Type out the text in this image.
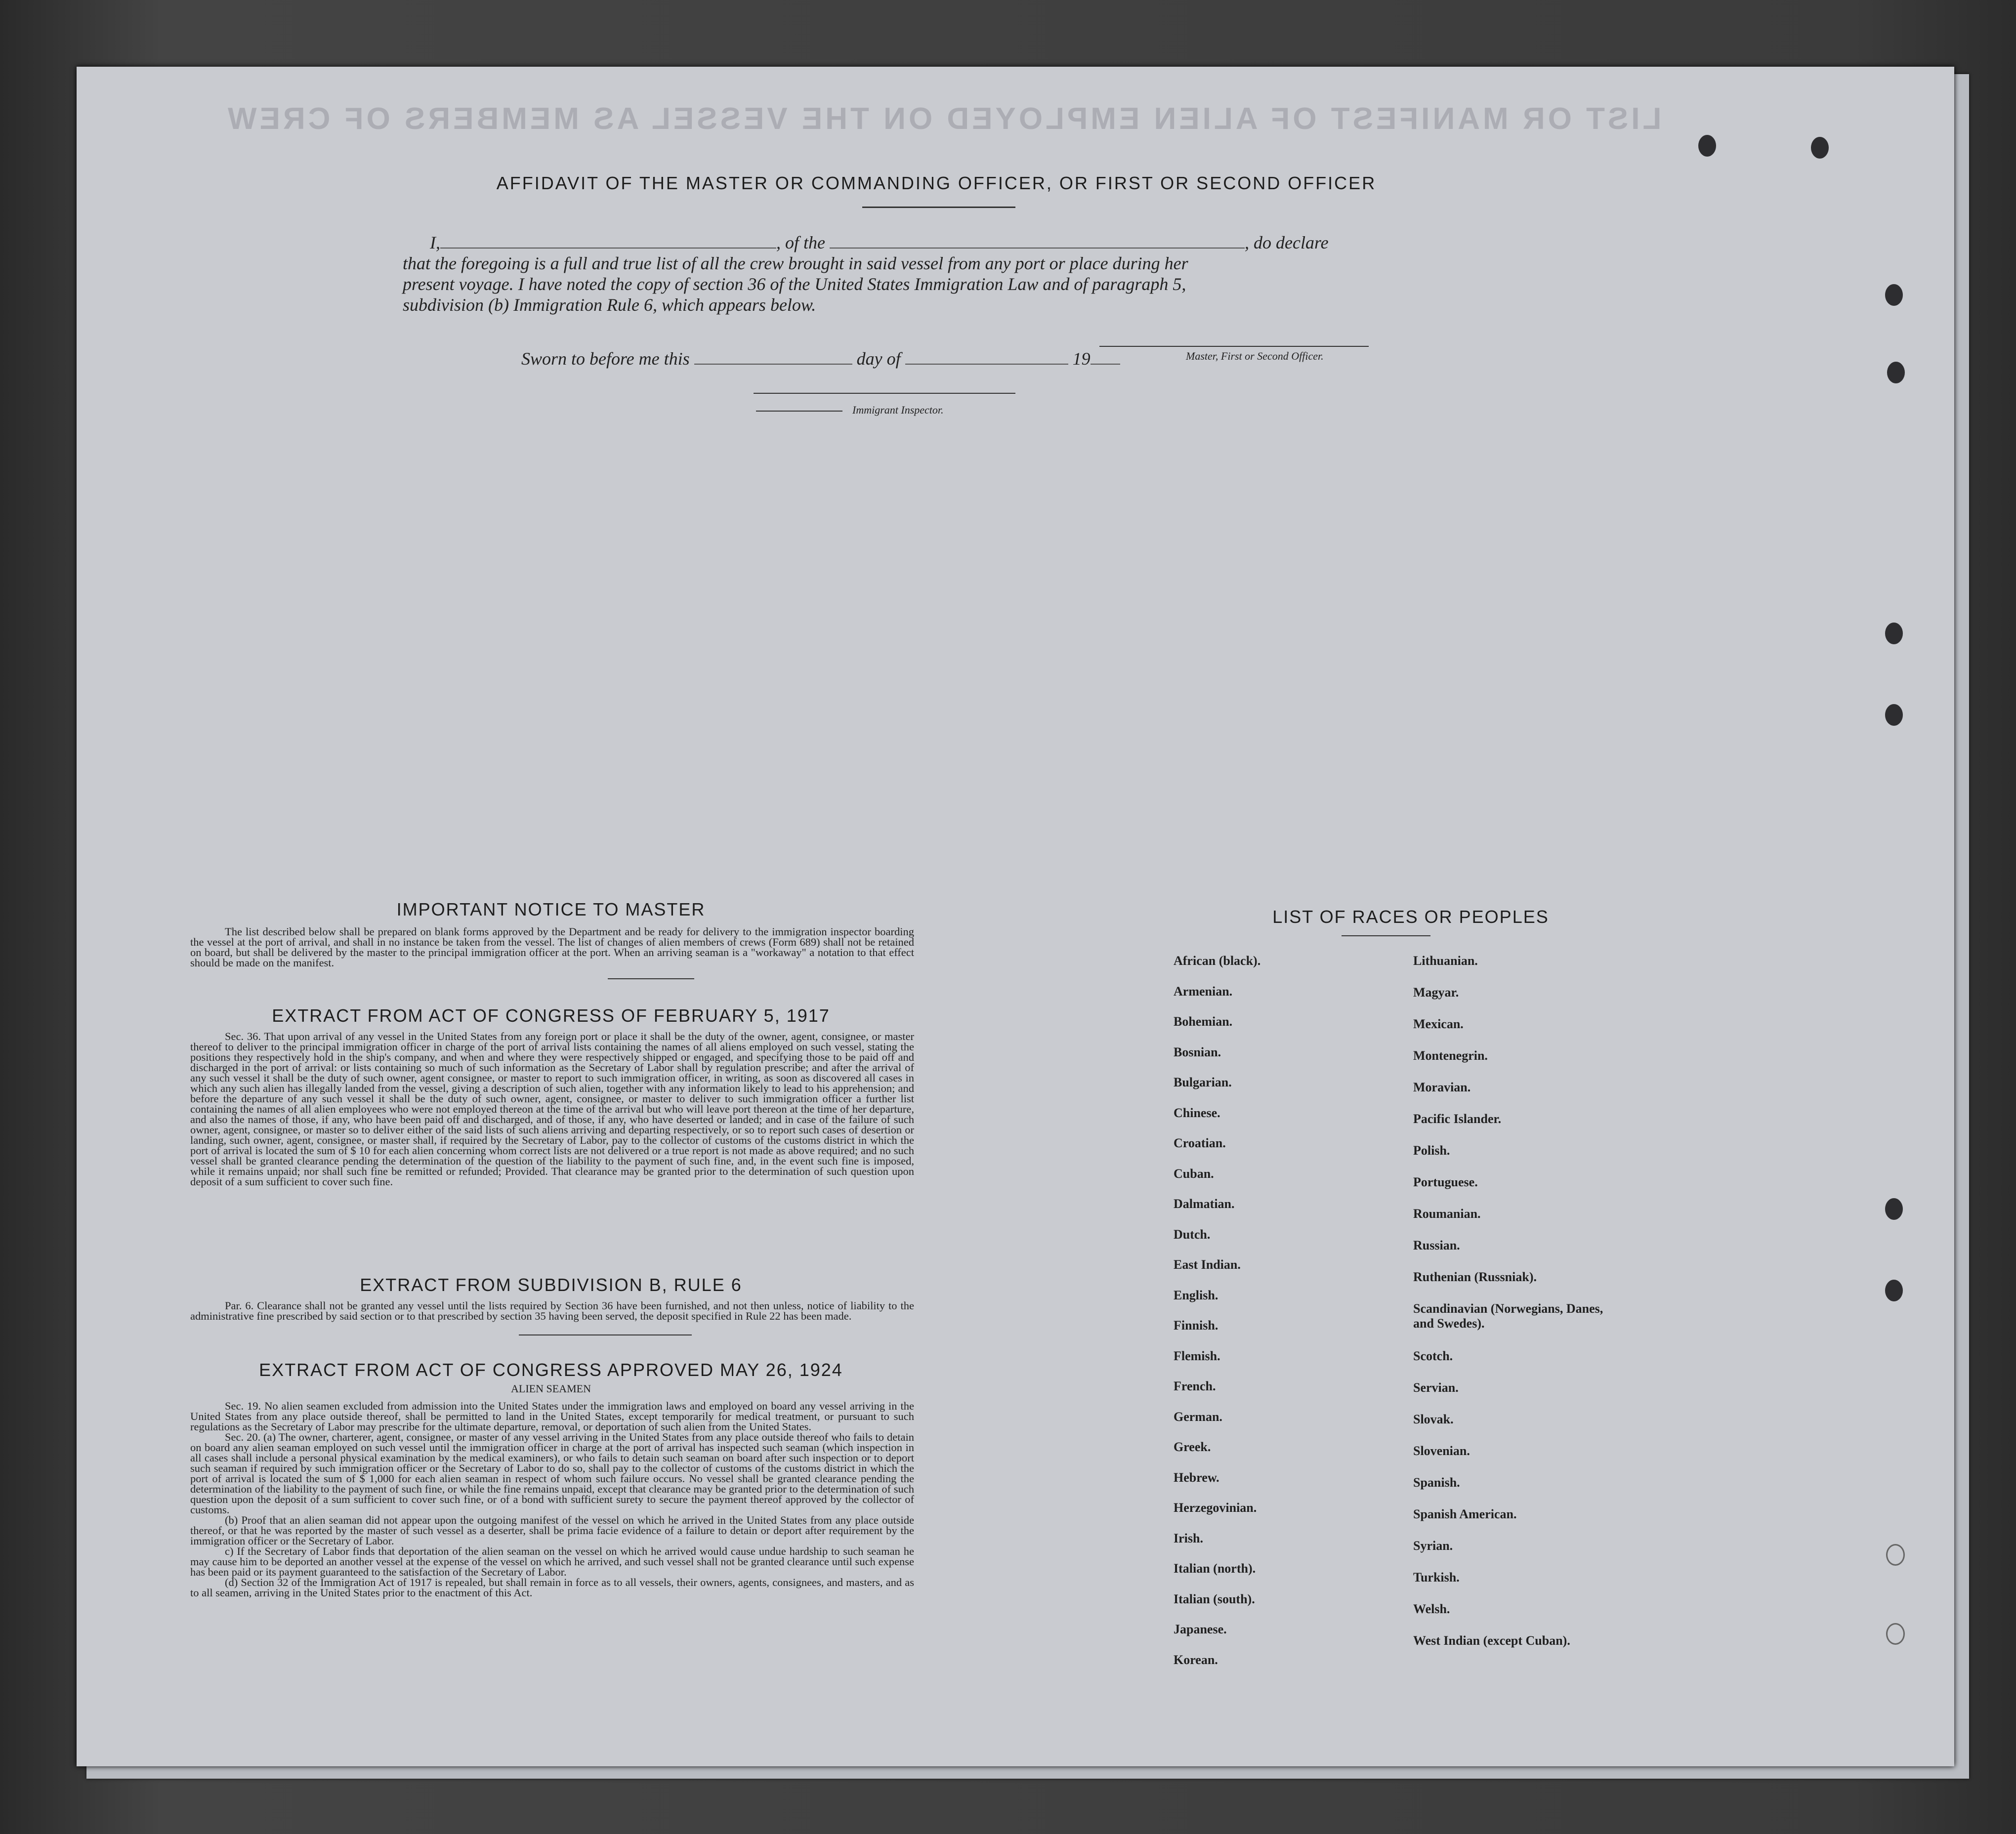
LIST OR MANIFEST OF ALIEN EMPLOYED ON THE VESSEL AS MEMBERS OF CREW
AFFIDAVIT OF THE MASTER OR COMMANDING OFFICER, OR FIRST OR SECOND OFFICER
I,	, of the	, do declare
that the foregoing is a full and true list of all the crew brought in said vessel from any port or place during her
present voyage. I have noted the copy of section 36 of the United States Immigration Law and of paragraph 5,
subdivision (b) Immigration Rule 6, which appears below.
Master, First or Second Officer.
Sworn to before me this	day of	19
Immigrant Inspector.
IMPORTANT NOTICE TO MASTER

The list described below shall be prepared on blank forms approved by the Department and be ready for delivery to the immigration inspector boarding the vessel at the port of arrival, and shall in no instance be taken from the vessel. The list of changes of alien members of crews (Form 689) shall not be retained on board, but shall be delivered by the master to the principal immigration officer at the port. When an arriving seaman is a "workaway" a notation to that effect should be made on the manifest.

EXTRACT FROM ACT OF CONGRESS OF FEBRUARY 5, 1917

Sec. 36. That upon arrival of any vessel in the United States from any foreign port or place it shall be the duty of the owner, agent, consignee, or master thereof to deliver to the principal immigration officer in charge of the port of arrival lists containing the names of all aliens employed on such vessel, stating the positions they respectively hold in the ship's company, and when and where they were respectively shipped or engaged, and specifying those to be paid off and discharged in the port of arrival: or lists containing so much of such information as the Secretary of Labor shall by regulation prescribe; and after the arrival of any such vessel it shall be the duty of such owner, agent consignee, or master to report to such immigration officer, in writing, as soon as discovered all cases in which any such alien has illegally landed from the vessel, giving a description of such alien, together with any information likely to lead to his apprehension; and before the departure of any such vessel it shall be the duty of such owner, agent, consignee, or master to deliver to such immigration officer a further list containing the names of all alien employees who were not employed thereon at the time of the arrival but who will leave port thereon at the time of her departure, and also the names of those, if any, who have been paid off and discharged, and of those, if any, who have deserted or landed; and in case of the failure of such owner, agent, consignee, or master so to deliver either of the said lists of such aliens arriving and departing respectively, or so to report such cases of desertion or landing, such owner, agent, consignee, or master shall, if required by the Secretary of Labor, pay to the collector of customs of the customs district in which the port of arrival is located the sum of $ 10 for each alien concerning whom correct lists are not delivered or a true report is not made as above required; and no such vessel shall be granted clearance pending the determination of the question of the liability to the payment of such fine, and, in the event such fine is imposed, while it remains unpaid; nor shall such fine be remitted or refunded; Provided. That clearance may be granted prior to the determination of such question upon deposit of a sum sufficient to cover such fine.

EXTRACT FROM SUBDIVISION B, RULE 6

Par. 6. Clearance shall not be granted any vessel until the lists required by Section 36 have been furnished, and not then unless, notice of liability to the administrative fine prescribed by said section or to that prescribed by section 35 having been served, the deposit specified in Rule 22 has been made.

EXTRACT FROM ACT OF CONGRESS APPROVED MAY 26, 1924
ALIEN SEAMEN

Sec. 19. No alien seamen excluded from admission into the United States under the immigration laws and employed on board any vessel arriving in the United States from any place outside thereof, shall be permitted to land in the United States, except temporarily for medical treatment, or pursuant to such regulations as the Secretary of Labor may prescribe for the ultimate departure, removal, or deportation of such alien from the United States.

Sec. 20. (a) The owner, charterer, agent, consignee, or master of any vessel arriving in the United States from any place outside thereof who fails to detain on board any alien seaman employed on such vessel until the immigration officer in charge at the port of arrival has inspected such seaman (which inspection in all cases shall include a personal physical examination by the medical examiners), or who fails to detain such seaman on board after such inspection or to deport such seaman if required by such immigration officer or the Secretary of Labor to do so, shall pay to the collector of customs of the customs district in which the port of arrival is located the sum of $ 1,000 for each alien seaman in respect of whom such failure occurs. No vessel shall be granted clearance pending the determination of the liability to the payment of such fine, or while the fine remains unpaid, except that clearance may be granted prior to the determination of such question upon the deposit of a sum sufficient to cover such fine, or of a bond with sufficient surety to secure the payment thereof approved by the collector of customs.

(b) Proof that an alien seaman did not appear upon the outgoing manifest of the vessel on which he arrived in the United States from any place outside thereof, or that he was reported by the master of such vessel as a deserter, shall be prima facie evidence of a failure to detain or deport after requirement by the immigration officer or the Secretary of Labor.

c) If the Secretary of Labor finds that deportation of the alien seaman on the vessel on which he arrived would cause undue hardship to such seaman he may cause him to be deported an another vessel at the expense of the vessel on which he arrived, and such vessel shall not be granted clearance until such expense has been paid or its payment guaranteed to the satisfaction of the Secretary of Labor.

(d) Section 32 of the Immigration Act of 1917 is repealed, but shall remain in force as to all vessels, their owners, agents, consignees, and masters, and as to all seamen, arriving in the United States prior to the enactment of this Act.

LIST OF RACES OR PEOPLES
African (black).
Armenian.
Bohemian.
Bosnian.
Bulgarian.
Chinese.
Croatian.
Cuban.
Dalmatian.
Dutch.
East Indian.
English.
Finnish.
Flemish.
French.
German.
Greek.
Hebrew.
Herzegovinian.
Irish.
Italian (north).
Italian (south).
Japanese.
Korean.
Lithuanian.
Magyar.
Mexican.
Montenegrin.
Moravian.
Pacific Islander.
Polish.
Portuguese.
Roumanian.
Russian.
Ruthenian (Russniak).
Scandinavian (Norwegians, Danes, and Swedes).
Scotch.
Servian.
Slovak.
Slovenian.
Spanish.
Spanish American.
Syrian.
Turkish.
Welsh.
West Indian (except Cuban).
